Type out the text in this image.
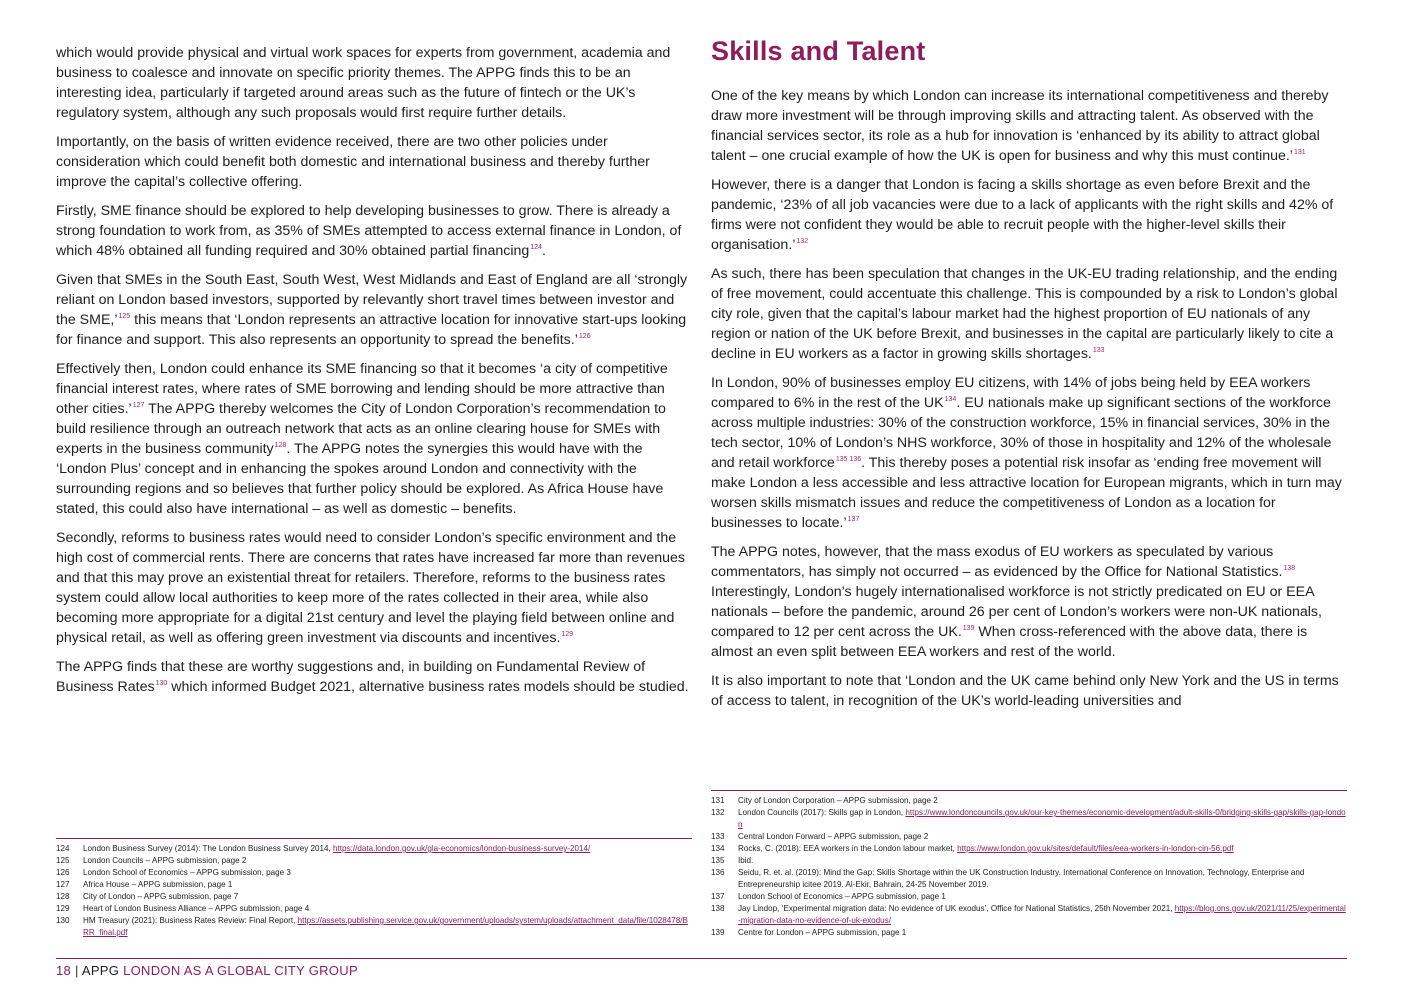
which would provide physical and virtual work spaces for experts from government, academia and business to coalesce and innovate on specific priority themes. The APPG finds this to be an interesting idea, particularly if targeted around areas such as the future of fintech or the UK’s regulatory system, although any such proposals would first require further details.

Importantly, on the basis of written evidence received, there are two other policies under consideration which could benefit both domestic and international business and thereby further improve the capital’s collective offering.

Firstly, SME finance should be explored to help developing businesses to grow. There is already a strong foundation to work from, as 35% of SMEs attempted to access external finance in London, of which 48% obtained all funding required and 30% obtained partial financing$^{124}$.

Given that SMEs in the South East, South West, West Midlands and East of England are all ‘strongly reliant on London based investors, supported by relevantly short travel times between investor and the SME,’$^{125}$ this means that ‘London represents an attractive location for innovative start-ups looking for finance and support. This also represents an opportunity to spread the benefits.’$^{126}$

Effectively then, London could enhance its SME financing so that it becomes ‘a city of competitive financial interest rates, where rates of SME borrowing and lending should be more attractive than other cities.’$^{127}$ The APPG thereby welcomes the City of London Corporation’s recommendation to build resilience through an outreach network that acts as an online clearing house for SMEs with experts in the business community$^{128}$. The APPG notes the synergies this would have with the ‘London Plus’ concept and in enhancing the spokes around London and connectivity with the surrounding regions and so believes that further policy should be explored. As Africa House have stated, this could also have international – as well as domestic – benefits.

Secondly, reforms to business rates would need to consider London’s specific environment and the high cost of commercial rents. There are concerns that rates have increased far more than revenues and that this may prove an existential threat for retailers. Therefore, reforms to the business rates system could allow local authorities to keep more of the rates collected in their area, while also becoming more appropriate for a digital 21st century and level the playing field between online and physical retail, as well as offering green investment via discounts and incentives.$^{129}$

The APPG finds that these are worthy suggestions and, in building on Fundamental Review of Business Rates$^{130}$ which informed Budget 2021, alternative business rates models should be studied.

Skills and Talent

One of the key means by which London can increase its international competitiveness and thereby draw more investment will be through improving skills and attracting talent. As observed with the financial services sector, its role as a hub for innovation is ‘enhanced by its ability to attract global talent – one crucial example of how the UK is open for business and why this must continue.’$^{131}$

However, there is a danger that London is facing a skills shortage as even before Brexit and the pandemic, ‘23% of all job vacancies were due to a lack of applicants with the right skills and 42% of firms were not confident they would be able to recruit people with the higher-level skills their organisation.’$^{132}$

As such, there has been speculation that changes in the UK-EU trading relationship, and the ending of free movement, could accentuate this challenge. This is compounded by a risk to London’s global city role, given that the capital’s labour market had the highest proportion of EU nationals of any region or nation of the UK before Brexit, and businesses in the capital are particularly likely to cite a decline in EU workers as a factor in growing skills shortages.$^{133}$

In London, 90% of businesses employ EU citizens, with 14% of jobs being held by EEA workers compared to 6% in the rest of the UK$^{134}$. EU nationals make up significant sections of the workforce across multiple industries: 30% of the construction workforce, 15% in financial services, 30% in the tech sector, 10% of London’s NHS workforce, 30% of those in hospitality and 12% of the wholesale and retail workforce$^{135 136}$. This thereby poses a potential risk insofar as ‘ending free movement will make London a less accessible and less attractive location for European migrants, which in turn may worsen skills mismatch issues and reduce the competitiveness of London as a location for businesses to locate.’$^{137}$

The APPG notes, however, that the mass exodus of EU workers as speculated by various commentators, has simply not occurred – as evidenced by the Office for National Statistics.$^{138}$ Interestingly, London’s hugely internationalised workforce is not strictly predicated on EU or EEA nationals – before the pandemic, around 26 per cent of London’s workers were non-UK nationals, compared to 12 per cent across the UK.$^{139}$ When cross-referenced with the above data, there is almost an even split between EEA workers and rest of the world.

It is also important to note that ‘London and the UK came behind only New York and the US in terms of access to talent, in recognition of the UK’s world-leading universities and

124	London Business Survey (2014): The London Business Survey 2014, https://data.london.gov.uk/gla-economics/london-business-survey-2014/
125	London Councils – APPG submission, page 2
126	London School of Economics – APPG submission, page 3
127	Africa House – APPG submission, page 1
128	City of London – APPG submission, page 7
129	Heart of London Business Alliance – APPG submission, page 4
130	HM Treasury (2021): Business Rates Review: Final Report, https://assets.publishing.service.gov.uk/government/uploads/system/uploads/attachment_data/file/1028478/BRR_final.pdf
131	City of London Corporation – APPG submission, page 2
132	London Councils (2017): Skills gap in London, https://www.londoncouncils.gov.uk/our-key-themes/economic-development/adult-skills-0/bridging-skills-gap/skills-gap-london
133	Central London Forward – APPG submission, page 2
134	Rocks, C. (2018): EEA workers in the London labour market, https://www.london.gov.uk/sites/default/files/eea-workers-in-london-cin-56.pdf
135	Ibid.
136	Seidu, R. et. al. (2019): Mind the Gap: Skills Shortage within the UK Construction Industry. International Conference on Innovation, Technology, Enterprise and Entrepreneurship icitee 2019. Al-Ekir, Bahrain, 24-25 November 2019.
137	London School of Economics – APPG submission, page 1
138	Jay Lindop, ‘Experimental migration data: No evidence of UK exodus’, Office for National Statistics, 25th November 2021, https://blog.ons.gov.uk/2021/11/25/experimental-migration-data-no-evidence-of-uk-exodus/
139	Centre for London – APPG submission, page 1
18 | APPG LONDON AS A GLOBAL CITY GROUP
